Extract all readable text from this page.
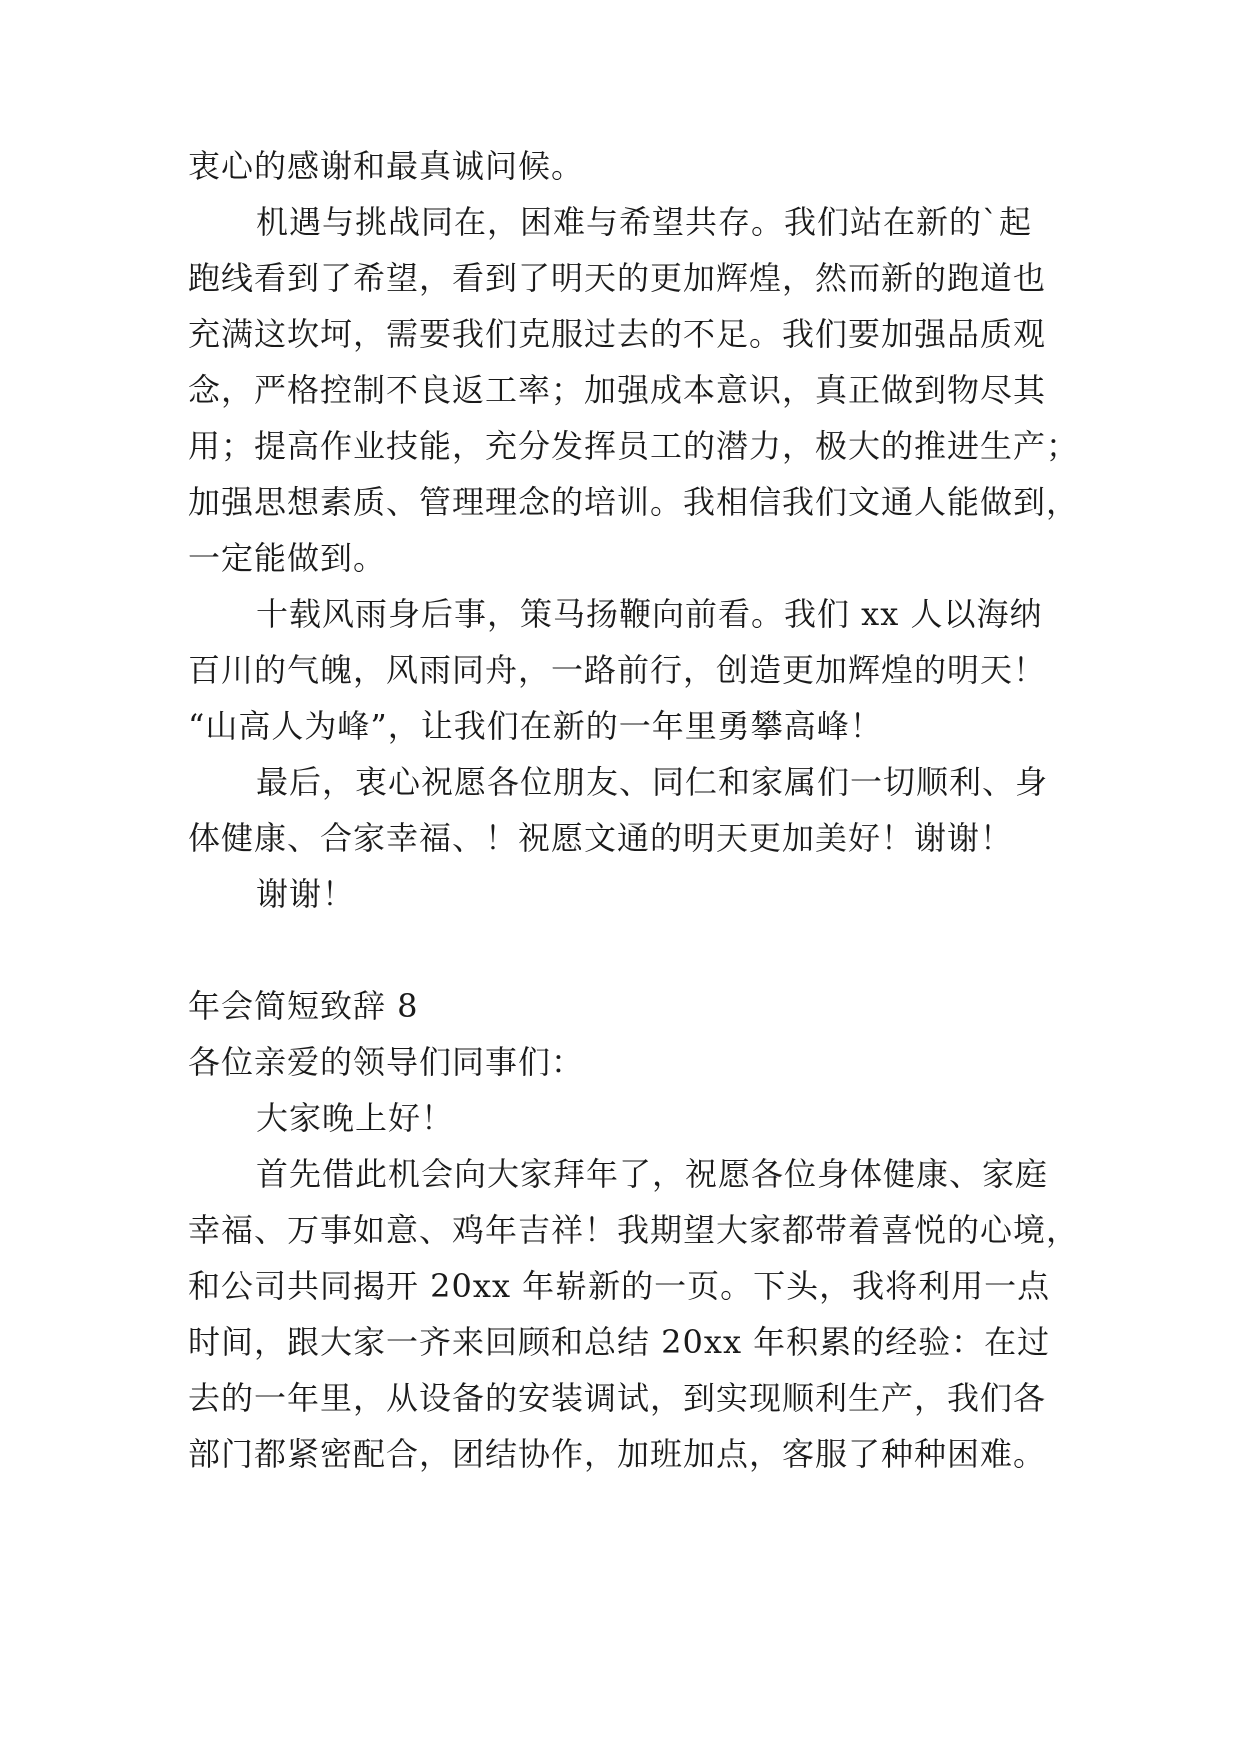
衷心的感谢和最真诚问候。
机遇与挑战同在，困难与希望共存。我们站在新的`起
跑线看到了希望，看到了明天的更加辉煌，然而新的跑道也
充满这坎坷，需要我们克服过去的不足。我们要加强品质观
念，严格控制不良返工率；加强成本意识，真正做到物尽其
用；提高作业技能，充分发挥员工的潜力，极大的推进生产；
加强思想素质、管理理念的培训。我相信我们文通人能做到，
一定能做到。
十载风雨身后事，策马扬鞭向前看。我们 xx 人以海纳
百川的气魄，风雨同舟，一路前行，创造更加辉煌的明天！
“山高人为峰”，让我们在新的一年里勇攀高峰！
最后，衷心祝愿各位朋友、同仁和家属们一切顺利、身
体健康、合家幸福、！祝愿文通的明天更加美好！谢谢！
谢谢！
年会简短致辞 8
各位亲爱的领导们同事们：
大家晚上好！
首先借此机会向大家拜年了，祝愿各位身体健康、家庭
幸福、万事如意、鸡年吉祥！我期望大家都带着喜悦的心境，
和公司共同揭开 20xx 年崭新的一页。下头，我将利用一点
时间，跟大家一齐来回顾和总结 20xx 年积累的经验：在过
去的一年里，从设备的安装调试，到实现顺利生产，我们各
部门都紧密配合，团结协作，加班加点，客服了种种困难。
